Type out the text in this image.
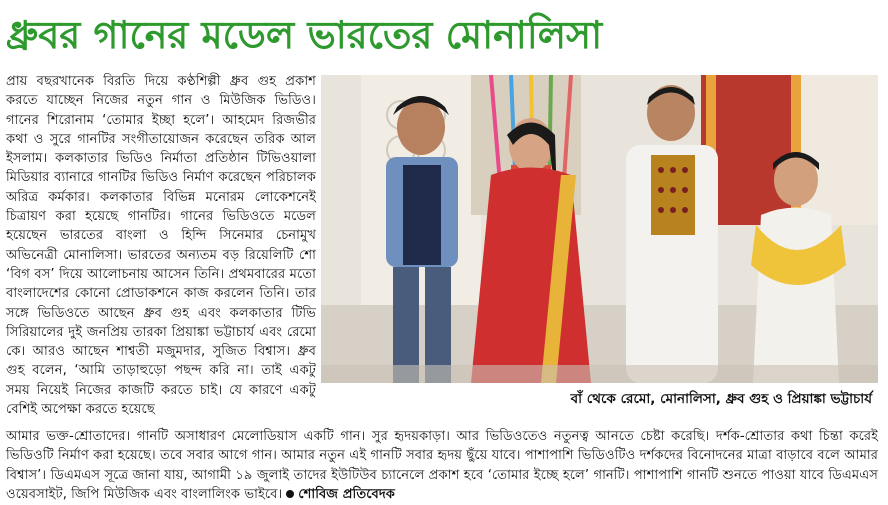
ধ্রুবর গানের মডেল ভারতের মোনালিসা

প্রায় বছরখানেক বিরতি দিয়ে কণ্ঠশিল্পী ধ্রুব গুহ প্রকাশ করতে যাচ্ছেন নিজের নতুন গান ও মিউজিক ভিডিও। গানের শিরোনাম ‘তোমার ইচ্ছা হলে’। আহমেদ রিজভীর কথা ও সুরে গানটির সংগীতায়োজন করেছেন তরিক আল ইসলাম। কলকাতার ভিডিও নির্মাতা প্রতিষ্ঠান টিভিওয়ালা মিডিয়ার ব্যানারে গানটির ভিডিও নির্মাণ করেছেন পরিচালক অরিত্র কর্মকার। কলকাতার বিভিন্ন মনোরম লোকেশনেই চিত্রায়ণ করা হয়েছে গানটির। গানের ভিডিওতে মডেল হয়েছেন ভারতের বাংলা ও হিন্দি সিনেমার চেনামুখ অভিনেত্রী মোনালিসা। ভারতের অন্যতম বড় রিয়েলিটি শো ‘বিগ বস’ দিয়ে আলোচনায় আসেন তিনি। প্রথমবারের মতো বাংলাদেশের কোনো প্রোডাকশনে কাজ করলেন তিনি। তার সঙ্গে ভিডিওতে আছেন ধ্রুব গুহ এবং কলকাতার টিভি সিরিয়ালের দুই জনপ্রিয় তারকা প্রিয়াঙ্কা ভট্টাচার্য এবং রেমো কে। আরও আছেন শাশ্বতী মজুমদার, সুজিত বিশ্বাস। ধ্রুব গুহ বলেন, ‘আমি তাড়াহুড়ো পছন্দ করি না। তাই একটু সময় নিয়েই নিজের কাজটি করতে চাই। যে কারণে একটু বেশিই অপেক্ষা করতে হয়েছে

বাঁ থেকে রেমো, মোনালিসা, ধ্রুব গুহ ও প্রিয়াঙ্কা ভট্টাচার্য

আমার ভক্ত-শ্রোতাদের। গানটি অসাধারণ মেলোডিয়াস একটি গান। সুর হৃদয়কাড়া। আর ভিডিওতেও নতুনত্ব আনতে চেষ্টা করেছি। দর্শক-শ্রোতার কথা চিন্তা করেই ভিডিওটি নির্মাণ করা হয়েছে। তবে সবার আগে গান। আমার নতুন এই গানটি সবার হৃদয় ছুঁয়ে যাবে। পাশাপাশি ভিডিওটিও দর্শকদের বিনোদনের মাত্রা বাড়াবে বলে আমার বিশ্বাস’। ডিএমএস সূত্রে জানা যায়, আগামী ১৯ জুলাই তাদের ইউটিউব চ্যানেলে প্রকাশ হবে ‘তোমার ইচ্ছে হলে’ গানটি। পাশাপাশি গানটি শুনতে পাওয়া যাবে ডিএমএস ওয়েবসাইট, জিপি মিউজিক এবং বাংলালিংক ভাইবে। শোবিজ প্রতিবেদক
